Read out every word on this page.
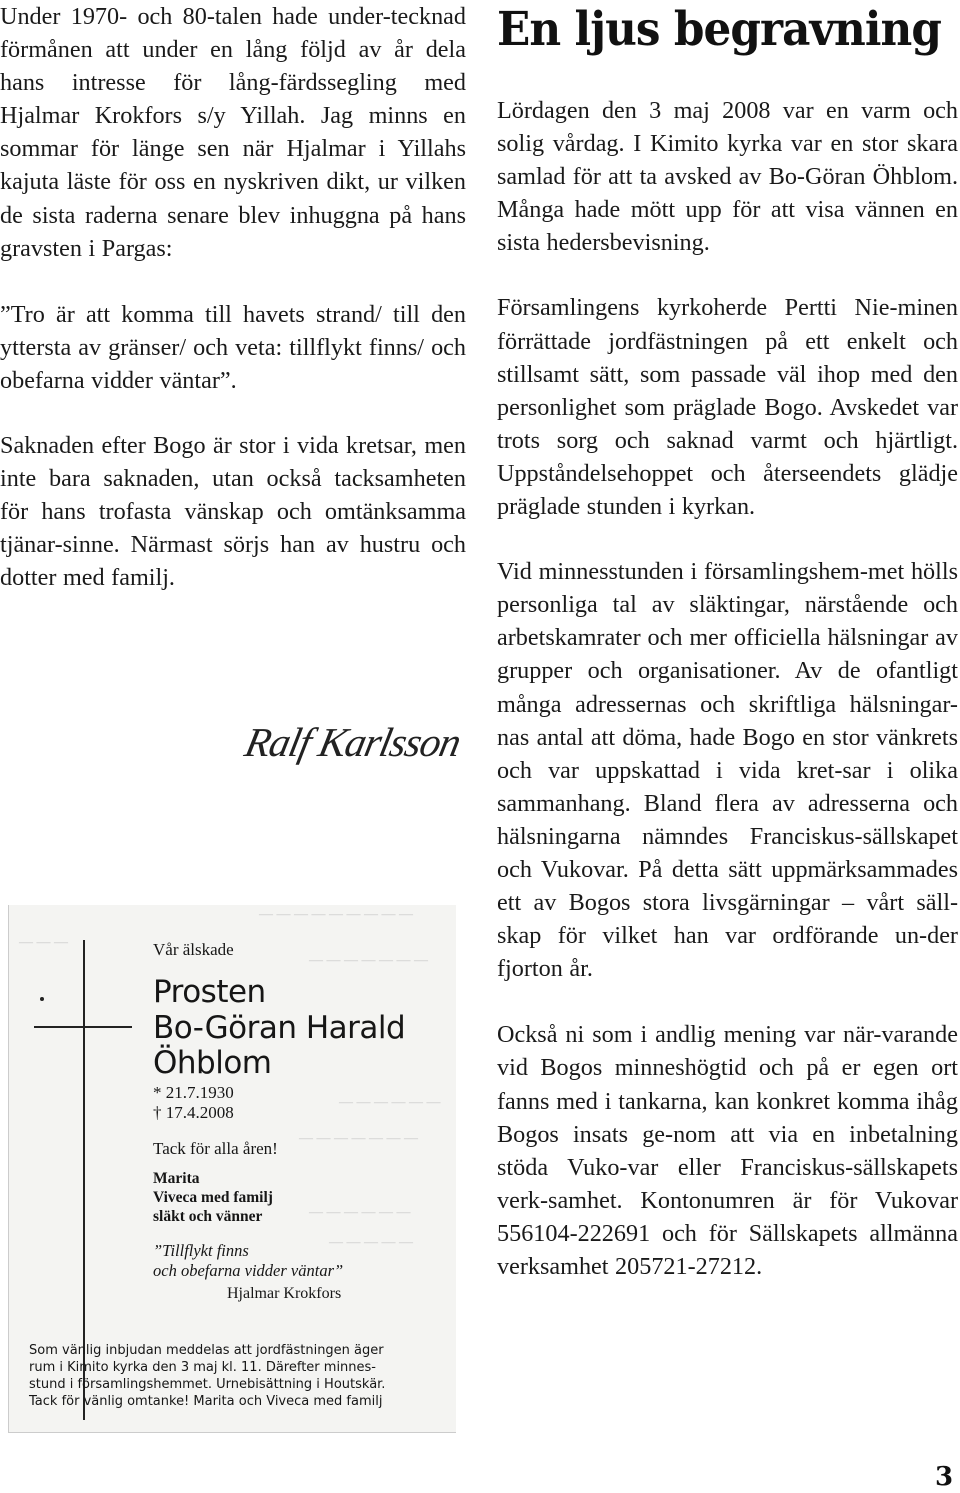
Under 1970- och 80-talen hade under-tecknad förmånen att under en lång följd av år dela hans intresse för lång-färdssegling med Hjalmar Krokfors s/y Yillah. Jag minns en sommar för länge sen när Hjalmar i Yillahs kajuta läste för oss en nyskriven dikt, ur vilken de sista raderna senare blev inhuggna på hans gravsten i Pargas:

”Tro är att komma till havets strand/ till den yttersta av gränser/ och veta: tillflykt finns/ och obefarna vidder väntar”.

Saknaden efter Bogo är stor i vida kretsar, men inte bara saknaden, utan också tacksamheten för hans trofasta vänskap och omtänksamma tjänar-sinne. Närmast sörjs han av hustru och dotter med familj.

Ralf Karlsson
— — — — — — — — —
— — — — — — —
— — —
— — — — — —
— — — — — — —
— — — — — —
— — — — —
Vår älskade
Prosten
Bo-Göran Harald
Öhblom
* 21.7.1930
† 17.4.2008
Tack för alla åren!
Marita
Viveca med familj
släkt och vänner
”Tillflykt finns
och obefarna vidder väntar”
Hjalmar Krokfors
Som vänlig inbjudan meddelas att jordfästningen äger
rum i Kimito kyrka den 3 maj kl. 11. Därefter minnes-
stund i församlingshemmet. Urnebisättning i Houtskär.
Tack för vänlig omtanke! Marita och Viveca med familj
En ljus begravning

Lördagen den 3 maj 2008 var en varm och solig vårdag. I Kimito kyrka var en stor skara samlad för att ta avsked av Bo-Göran Öhblom. Många hade mött upp för att visa vännen en sista hedersbevisning.

Församlingens kyrkoherde Pertti Nie-minen förrättade jordfästningen på ett enkelt och stillsamt sätt, som passade väl ihop med den personlighet som präglade Bogo. Avskedet var trots sorg och saknad varmt och hjärtligt. Uppståndelsehoppet och återseendets glädje präglade stunden i kyrkan.

Vid minnesstunden i församlingshem-met hölls personliga tal av släktingar, närstående och arbetskamrater och mer officiella hälsningar av grupper och organisationer. Av de ofantligt många adressernas och skriftliga hälsningar-nas antal att döma, hade Bogo en stor vänkrets och var uppskattad i vida kret-sar i olika sammanhang. Bland flera av adresserna och hälsningarna nämndes Franciskus-sällskapet och Vukovar. På detta sätt uppmärksammades ett av Bogos stora livsgärningar – vårt säll-skap för vilket han var ordförande un-der fjorton år.

Också ni som i andlig mening var när-varande vid Bogos minneshögtid och på er egen ort fanns med i tankarna, kan konkret komma ihåg Bogos insats ge-nom att via en inbetalning stöda Vuko-var eller Franciskus-sällskapets verk-samhet. Kontonumren är för Vukovar 556104-222691 och för Sällskapets allmänna verksamhet 205721-27212.

3
